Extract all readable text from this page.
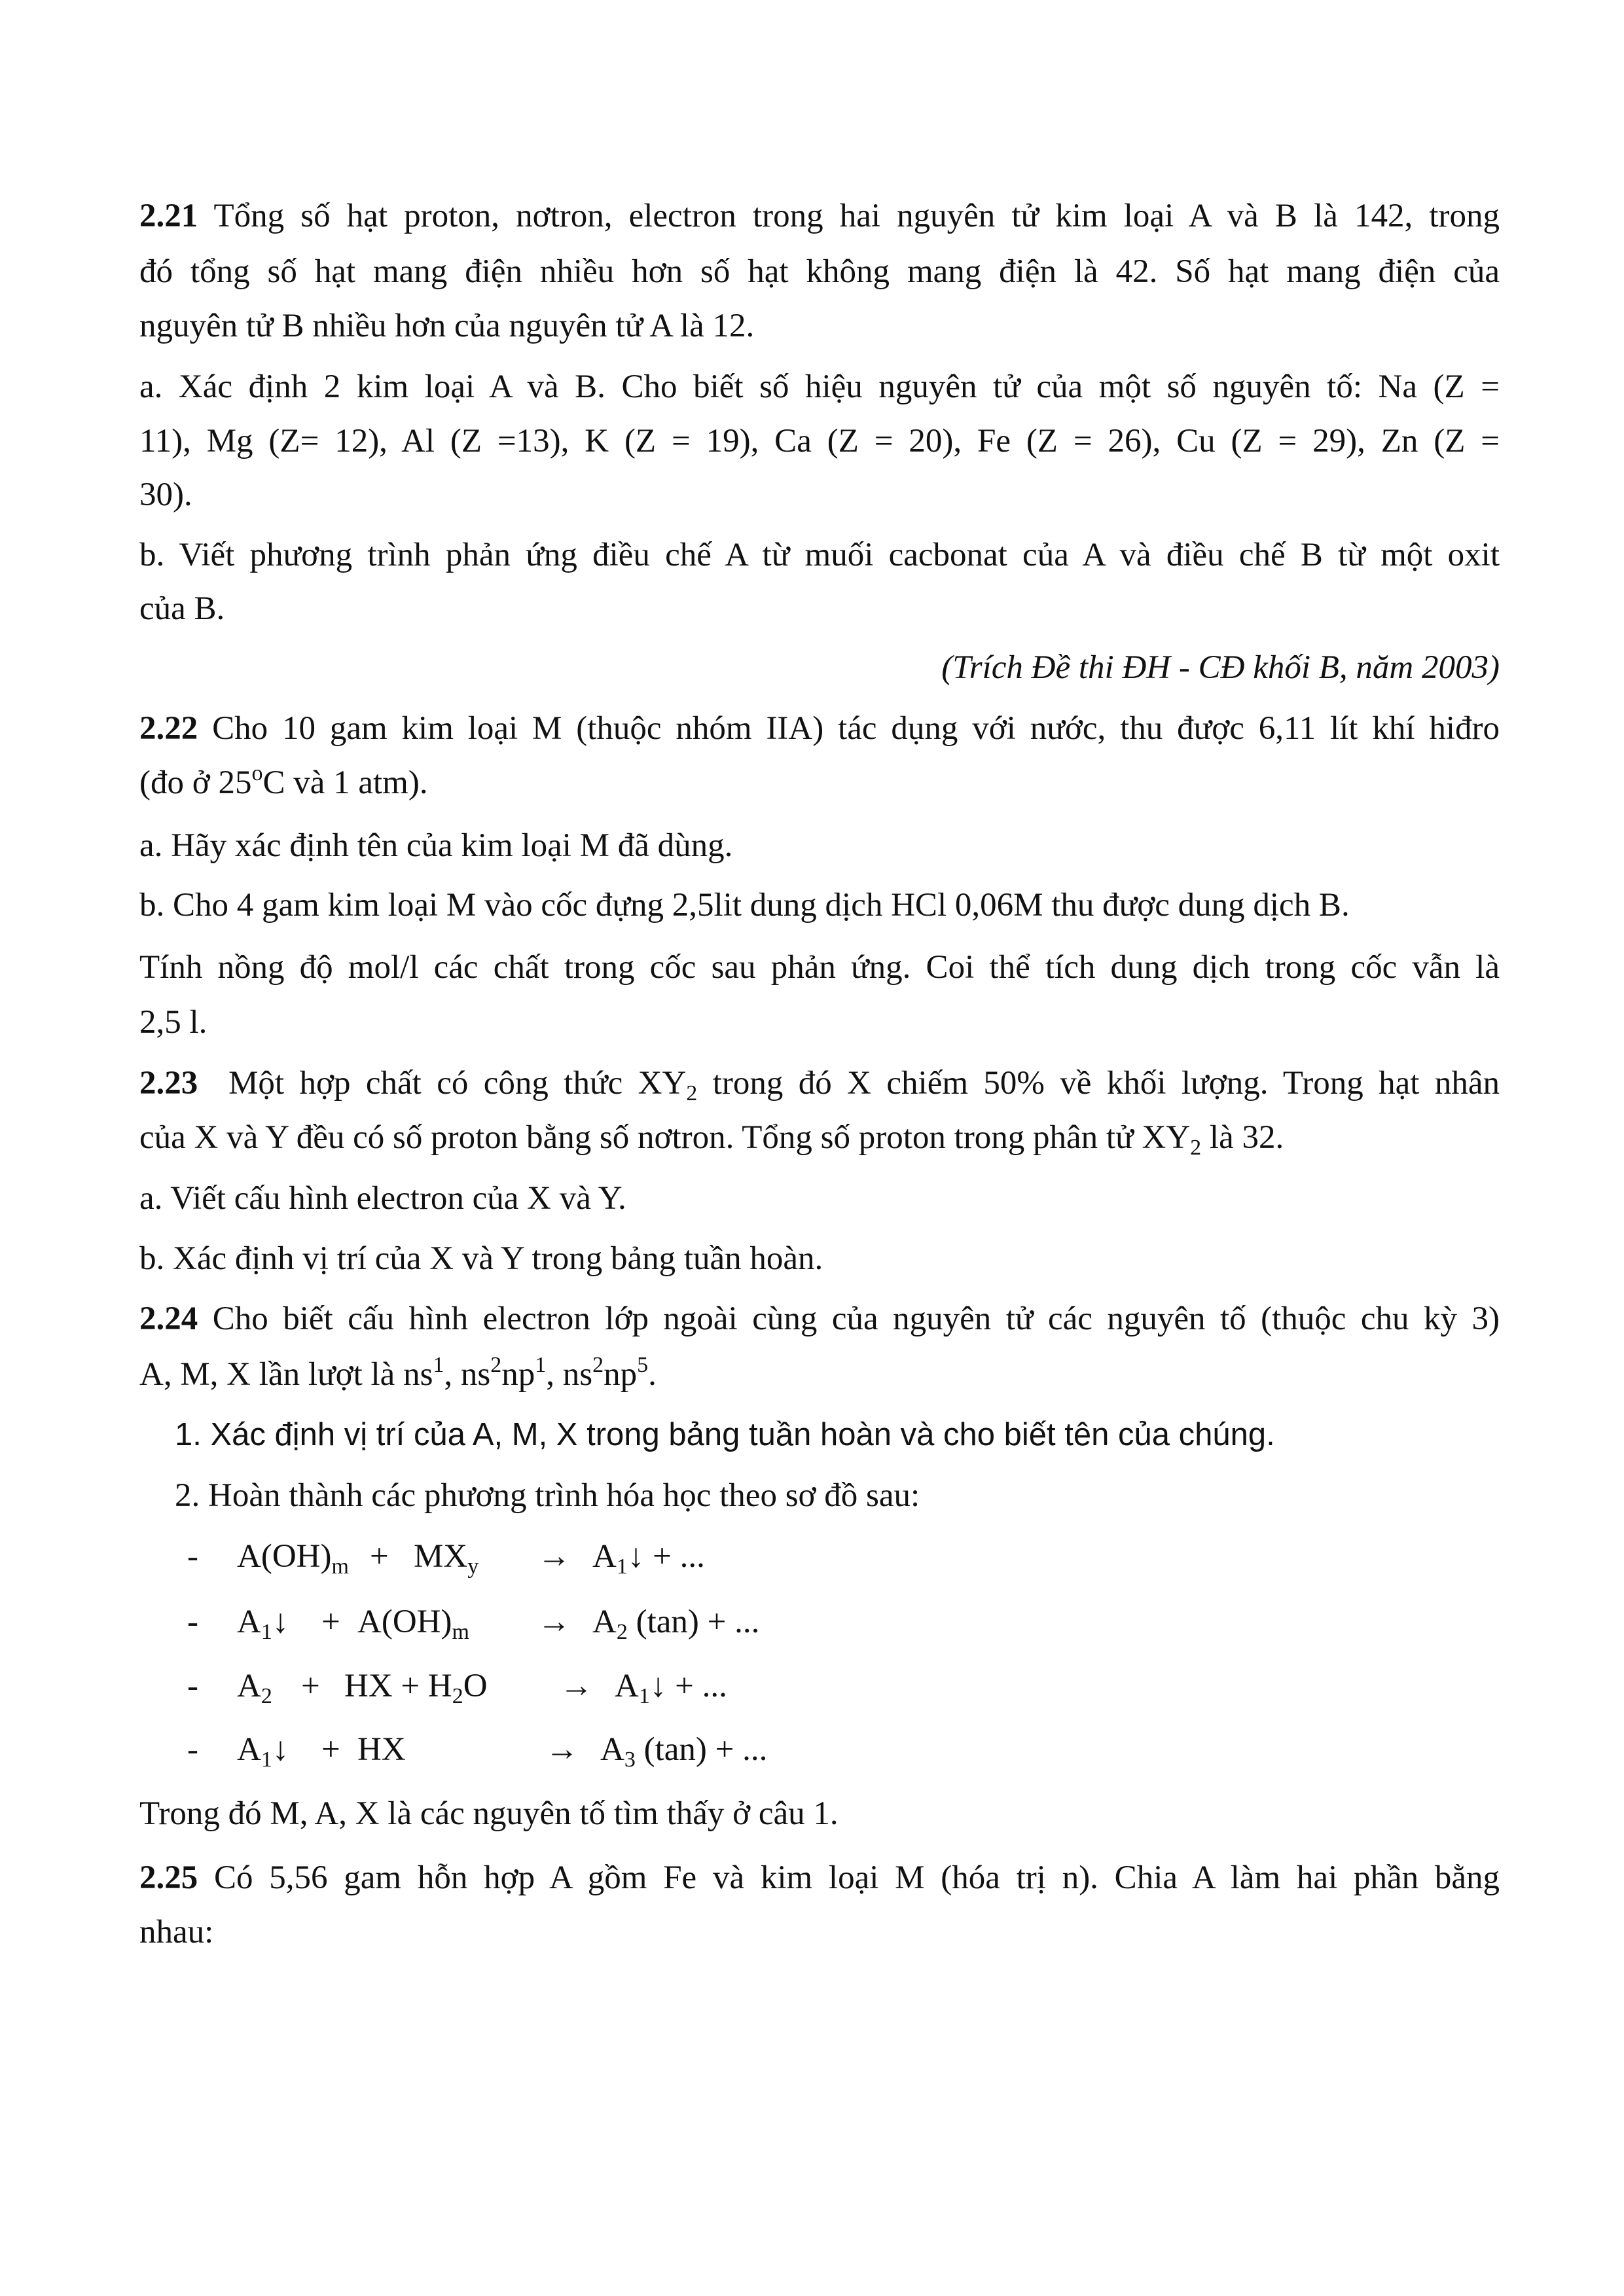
2.21 Tổng số hạt proton, nơtron, electron trong hai nguyên tử kim loại A và B là 142, trong
đó tổng số hạt mang điện nhiều hơn số hạt không mang điện là 42. Số hạt mang điện của
nguyên tử B nhiều hơn của nguyên tử A là 12.
a. Xác định 2 kim loại A và B. Cho biết số hiệu nguyên tử của một số nguyên tố: Na (Z =
11), Mg (Z= 12), Al (Z =13), K (Z = 19), Ca (Z = 20), Fe (Z = 26), Cu (Z = 29), Zn (Z =
30).
b. Viết phương trình phản ứng điều chế A từ muối cacbonat của A và điều chế B từ một oxit
của B.
(Trích Đề thi ĐH - CĐ khối B, năm 2003)
2.22 Cho 10 gam kim loại M (thuộc nhóm IIA) tác dụng với nước, thu được 6,11 lít khí hiđro
(đo ở 25$^o$C và 1 atm).
a. Hãy xác định tên của kim loại M đã dùng.
b. Cho 4 gam kim loại M vào cốc đựng 2,5lit dung dịch HCl 0,06M thu được dung dịch B.
Tính nồng độ mol/l các chất trong cốc sau phản ứng. Coi thể tích dung dịch trong cốc vẫn là
2,5 l.
2.23 Một hợp chất có công thức $XY_2$ trong đó X chiếm 50% về khối lượng. Trong hạt nhân
của X và Y đều có số proton bằng số nơtron. Tổng số proton trong phân tử $XY_2$ là 32.
a. Viết cấu hình electron của X và Y.
b. Xác định vị trí của X và Y trong bảng tuần hoàn.
2.24 Cho biết cấu hình electron lớp ngoài cùng của nguyên tử các nguyên tố (thuộc chu kỳ 3)
A, M, X lần lượt là $ns^1$, $ns^2np^1$, $ns^2np^5$.
1. Xác định vị trí của A, M, X trong bảng tuần hoàn và cho biết tên của chúng.
2. Hoàn thành các phương trình hóa học theo sơ đồ sau:
- $A(OH)_m + MX_y$ → $A_1↓$ + ...
- $A_1↓ + A(OH)_m \to A_2$ (tan) + ...
- $A_2$ + HX + $H_2O$ → $A_1↓$ + ...
- $A_1↓$ + HX	→ $A_3$ (tan) + ...
Trong đó M, A, X là các nguyên tố tìm thấy ở câu 1.
2.25 Có 5,56 gam hỗn hợp A gồm Fe và kim loại M (hóa trị n). Chia A làm hai phần bằng
nhau:
